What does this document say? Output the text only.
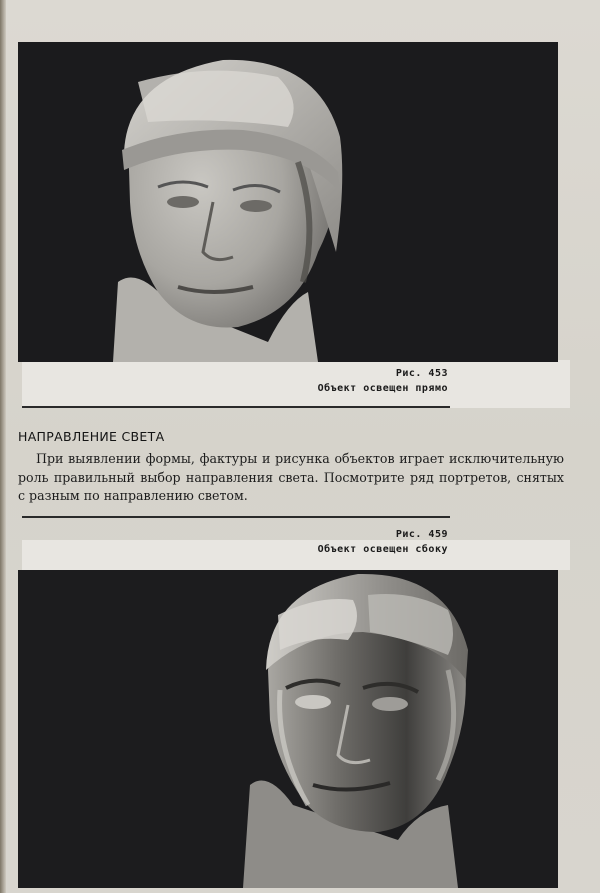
Рис. 453
Объект освещен прямо
НАПРАВЛЕНИЕ СВЕТА
При выявлении формы, фактуры и рисунка объектов играет исключительную роль правильный выбор направления света. Посмотрите ряд портретов, снятых с разным по направлению светом.
Рис. 459
Объект освещен сбоку
